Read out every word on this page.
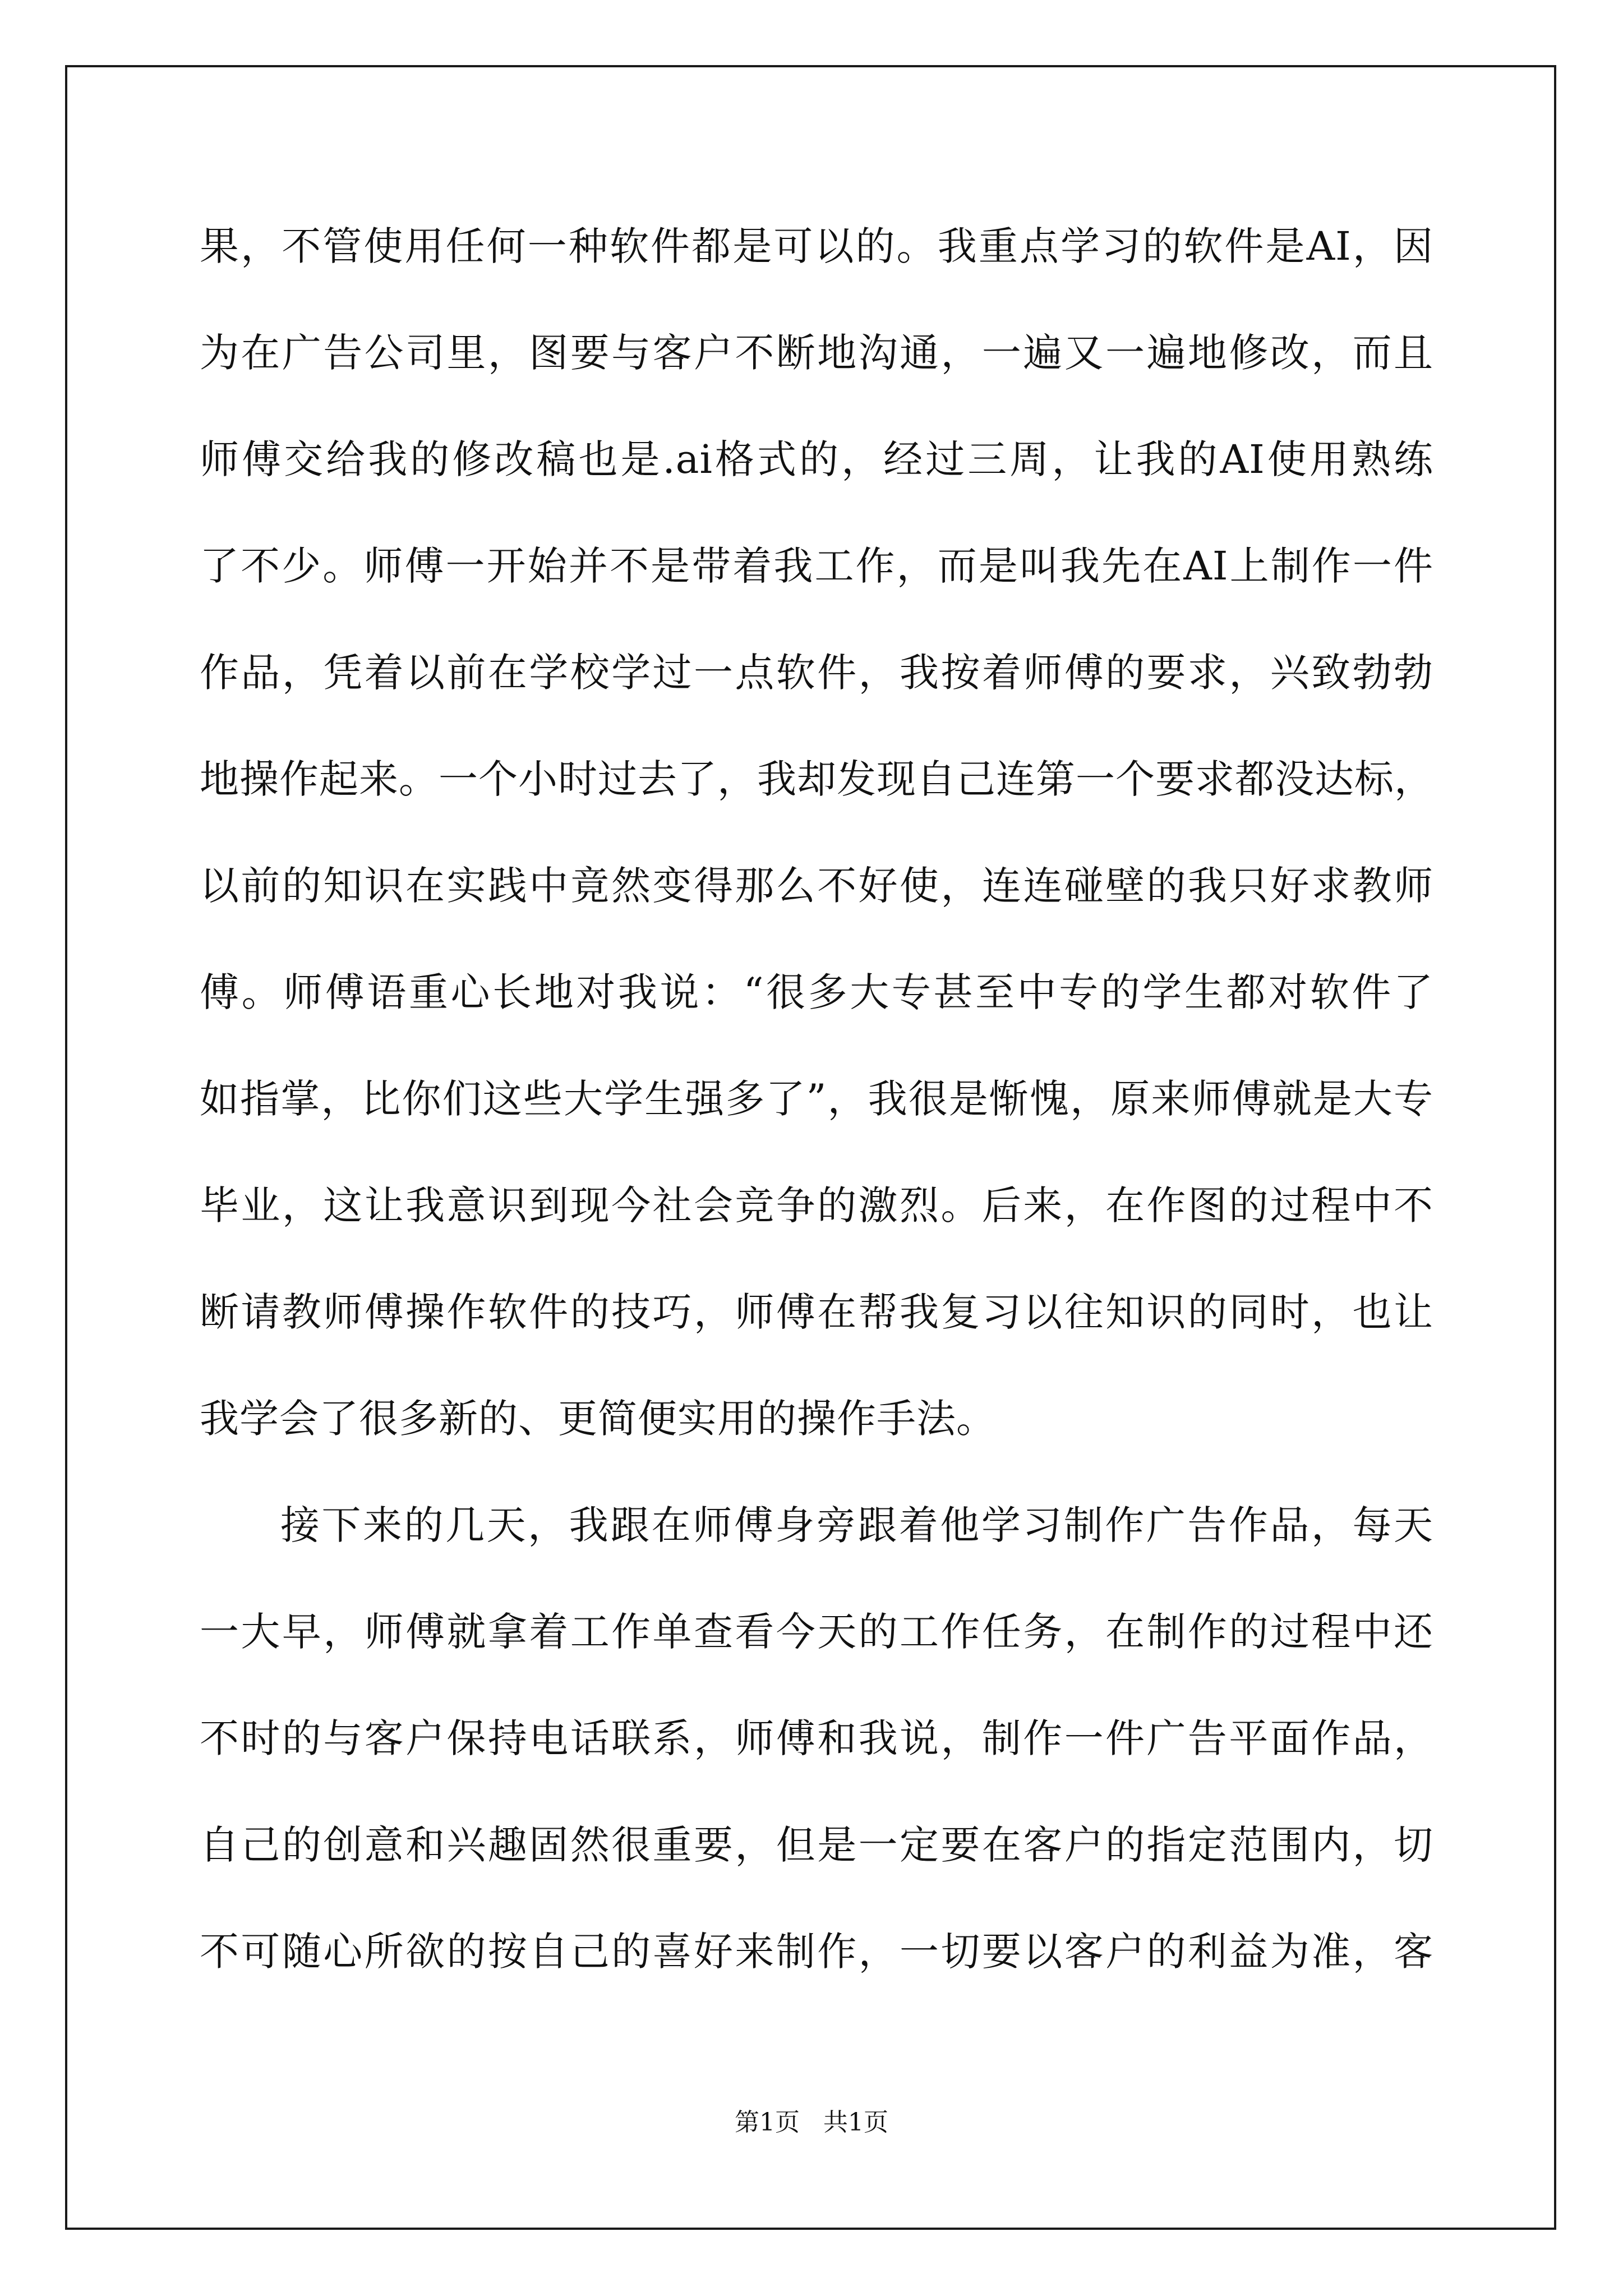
果，不管使用任何一种软件都是可以的。我重点学习的软件是AI，因
为在广告公司里，图要与客户不断地沟通，一遍又一遍地修改，而且
师傅交给我的修改稿也是.ai格式的，经过三周，让我的AI使用熟练
了不少。师傅一开始并不是带着我工作，而是叫我先在AI上制作一件
作品，凭着以前在学校学过一点软件，我按着师傅的要求，兴致勃勃
地操作起来。一个小时过去了，我却发现自己连第一个要求都没达标，
以前的知识在实践中竟然变得那么不好使，连连碰壁的我只好求教师
傅。师傅语重心长地对我说：“很多大专甚至中专的学生都对软件了
如指掌，比你们这些大学生强多了”，我很是惭愧，原来师傅就是大专
毕业，这让我意识到现今社会竞争的激烈。后来，在作图的过程中不
断请教师傅操作软件的技巧，师傅在帮我复习以往知识的同时，也让
我学会了很多新的、更简便实用的操作手法。
接下来的几天，我跟在师傅身旁跟着他学习制作广告作品，每天
一大早，师傅就拿着工作单查看今天的工作任务，在制作的过程中还
不时的与客户保持电话联系，师傅和我说，制作一件广告平面作品，
自己的创意和兴趣固然很重要，但是一定要在客户的指定范围内，切
不可随心所欲的按自己的喜好来制作，一切要以客户的利益为准，客
第1页   共1页
